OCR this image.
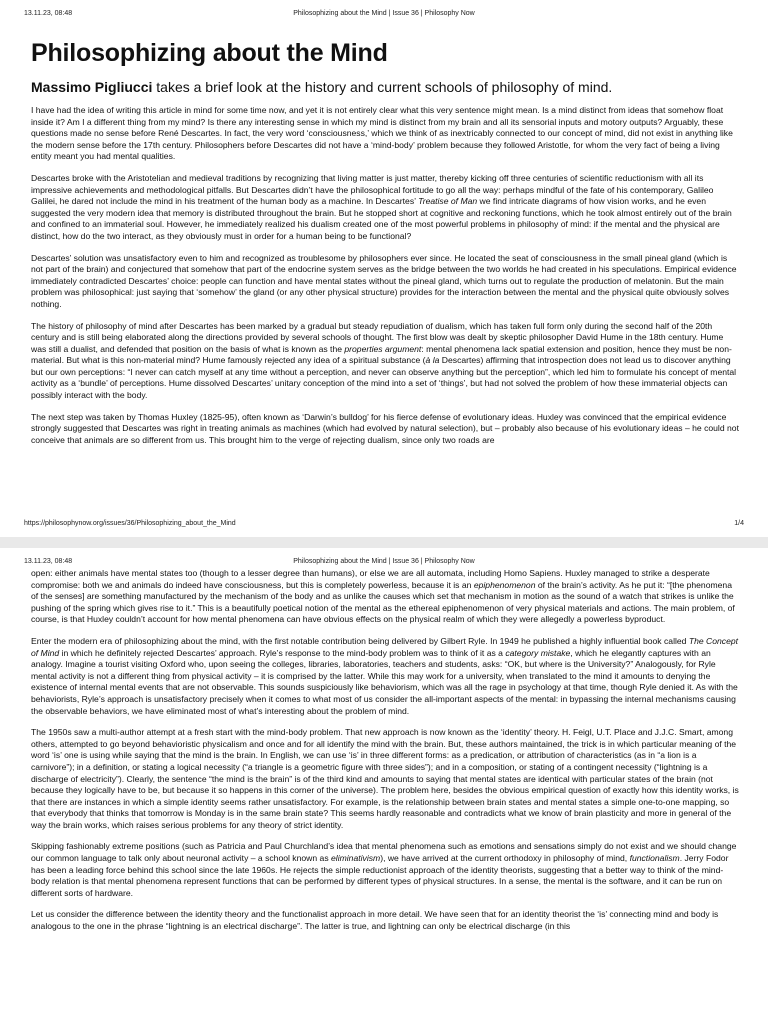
13.11.23, 08:48	Philosophizing about the Mind | Issue 36 | Philosophy Now
Philosophizing about the Mind
Massimo Pigliucci takes a brief look at the history and current schools of philosophy of mind.

I have had the idea of writing this article in mind for some time now, and yet it is not entirely clear what this very sentence might mean. Is a mind distinct from ideas that somehow float inside it? Am I a different thing from my mind? Is there any interesting sense in which my mind is distinct from my brain and all its sensorial inputs and motory outputs? Arguably, these questions made no sense before René Descartes. In fact, the very word ‘consciousness,’ which we think of as inextricably connected to our concept of mind, did not exist in anything like the modern sense before the 17th century. Philosophers before Descartes did not have a ‘mind-body’ problem because they followed Aristotle, for whom the very fact of being a living entity meant you had mental qualities.

Descartes broke with the Aristotelian and medieval traditions by recognizing that living matter is just matter, thereby kicking off three centuries of scientific reductionism with all its impressive achievements and methodological pitfalls. But Descartes didn’t have the philosophical fortitude to go all the way: perhaps mindful of the fate of his contemporary, Galileo Galilei, he dared not include the mind in his treatment of the human body as a machine. In Descartes’ Treatise of Man we find intricate diagrams of how vision works, and he even suggested the very modern idea that memory is distributed throughout the brain. But he stopped short at cognitive and reckoning functions, which he took almost entirely out of the brain and confined to an immaterial soul. However, he immediately realized his dualism created one of the most powerful problems in philosophy of mind: if the mental and the physical are distinct, how do the two interact, as they obviously must in order for a human being to be functional?

Descartes’ solution was unsatisfactory even to him and recognized as troublesome by philosophers ever since. He located the seat of consciousness in the small pineal gland (which is not part of the brain) and conjectured that somehow that part of the endocrine system serves as the bridge between the two worlds he had created in his speculations. Empirical evidence immediately contradicted Descartes’ choice: people can function and have mental states without the pineal gland, which turns out to regulate the production of melatonin. But the main problem was philosophical: just saying that ‘somehow’ the gland (or any other physical structure) provides for the interaction between the mental and the physical quite obviously solves nothing.

The history of philosophy of mind after Descartes has been marked by a gradual but steady repudiation of dualism, which has taken full form only during the second half of the 20th century and is still being elaborated along the directions provided by several schools of thought. The first blow was dealt by skeptic philosopher David Hume in the 18th century. Hume was still a dualist, and defended that position on the basis of what is known as the properties argument: mental phenomena lack spatial extension and position, hence they must be non-material. But what is this non-material mind? Hume famously rejected any idea of a spiritual substance (à la Descartes) affirming that introspection does not lead us to discover anything but our own perceptions: “I never can catch myself at any time without a perception, and never can observe anything but the perception”, which led him to formulate his concept of mental activity as a ‘bundle’ of perceptions. Hume dissolved Descartes’ unitary conception of the mind into a set of ‘things’, but had not solved the problem of how these immaterial objects can possibly interact with the body.

The next step was taken by Thomas Huxley (1825-95), often known as ‘Darwin’s bulldog’ for his fierce defense of evolutionary ideas. Huxley was convinced that the empirical evidence strongly suggested that Descartes was right in treating animals as machines (which had evolved by natural selection), but – probably also because of his evolutionary ideas – he could not conceive that animals are so different from us. This brought him to the verge of rejecting dualism, since only two roads are

https://philosophynow.org/issues/36/Philosophizing_about_the_Mind	1/4
13.11.23, 08:48	Philosophizing about the Mind | Issue 36 | Philosophy Now

open: either animals have mental states too (though to a lesser degree than humans), or else we are all automata, including Homo Sapiens. Huxley managed to strike a desperate compromise: both we and animals do indeed have consciousness, but this is completely powerless, because it is an epiphenomenon of the brain’s activity. As he put it: “[the phenomena of the senses] are something manufactured by the mechanism of the body and as unlike the causes which set that mechanism in motion as the sound of a watch that strikes is unlike the pushing of the spring which gives rise to it.” This is a beautifully poetical notion of the mental as the ethereal epiphenomenon of very physical materials and actions. The main problem, of course, is that Huxley couldn’t account for how mental phenomena can have obvious effects on the physical realm of which they were allegedly a powerless byproduct.

Enter the modern era of philosophizing about the mind, with the first notable contribution being delivered by Gilbert Ryle. In 1949 he published a highly influential book called The Concept of Mind in which he definitely rejected Descartes’ approach. Ryle’s response to the mind-body problem was to think of it as a category mistake, which he elegantly captures with an analogy. Imagine a tourist visiting Oxford who, upon seeing the colleges, libraries, laboratories, teachers and students, asks: “OK, but where is the University?” Analogously, for Ryle mental activity is not a different thing from physical activity – it is comprised by the latter. While this may work for a university, when translated to the mind it amounts to denying the existence of internal mental events that are not observable. This sounds suspiciously like behaviorism, which was all the rage in psychology at that time, though Ryle denied it. As with the behaviorists, Ryle’s approach is unsatisfactory precisely when it comes to what most of us consider the all-important aspects of the mental: in bypassing the internal mechanisms causing the observable behaviors, we have eliminated most of what’s interesting about the problem of mind.

The 1950s saw a multi-author attempt at a fresh start with the mind-body problem. That new approach is now known as the ‘identity’ theory. H. Feigl, U.T. Place and J.J.C. Smart, among others, attempted to go beyond behavioristic physicalism and once and for all identify the mind with the brain. But, these authors maintained, the trick is in which particular meaning of the word ‘is’ one is using while saying that the mind is the brain. In English, we can use ‘is’ in three different forms: as a predication, or attribution of characteristics (as in “a lion is a carnivore”); in a definition, or stating a logical necessity (“a triangle is a geometric figure with three sides”); and in a composition, or stating of a contingent necessity (“lightning is a discharge of electricity”). Clearly, the sentence “the mind is the brain” is of the third kind and amounts to saying that mental states are identical with particular states of the brain (not because they logically have to be, but because it so happens in this corner of the universe). The problem here, besides the obvious empirical question of exactly how this identity works, is that there are instances in which a simple identity seems rather unsatisfactory. For example, is the relationship between brain states and mental states a simple one-to-one mapping, so that everybody that thinks that tomorrow is Monday is in the same brain state? This seems hardly reasonable and contradicts what we know of brain plasticity and more in general of the way the brain works, which raises serious problems for any theory of strict identity.

Skipping fashionably extreme positions (such as Patricia and Paul Churchland’s idea that mental phenomena such as emotions and sensations simply do not exist and we should change our common language to talk only about neuronal activity – a school known as eliminativism), we have arrived at the current orthodoxy in philosophy of mind, functionalism. Jerry Fodor has been a leading force behind this school since the late 1960s. He rejects the simple reductionist approach of the identity theorists, suggesting that a better way to think of the mind-body relation is that mental phenomena represent functions that can be performed by different types of physical structures. In a sense, the mental is the software, and it can be run on different sorts of hardware.

Let us consider the difference between the identity theory and the functionalist approach in more detail. We have seen that for an identity theorist the ‘is’ connecting mind and body is analogous to the one in the phrase “lightning is an electrical discharge”. The latter is true, and lightning can only be electrical discharge (in this
